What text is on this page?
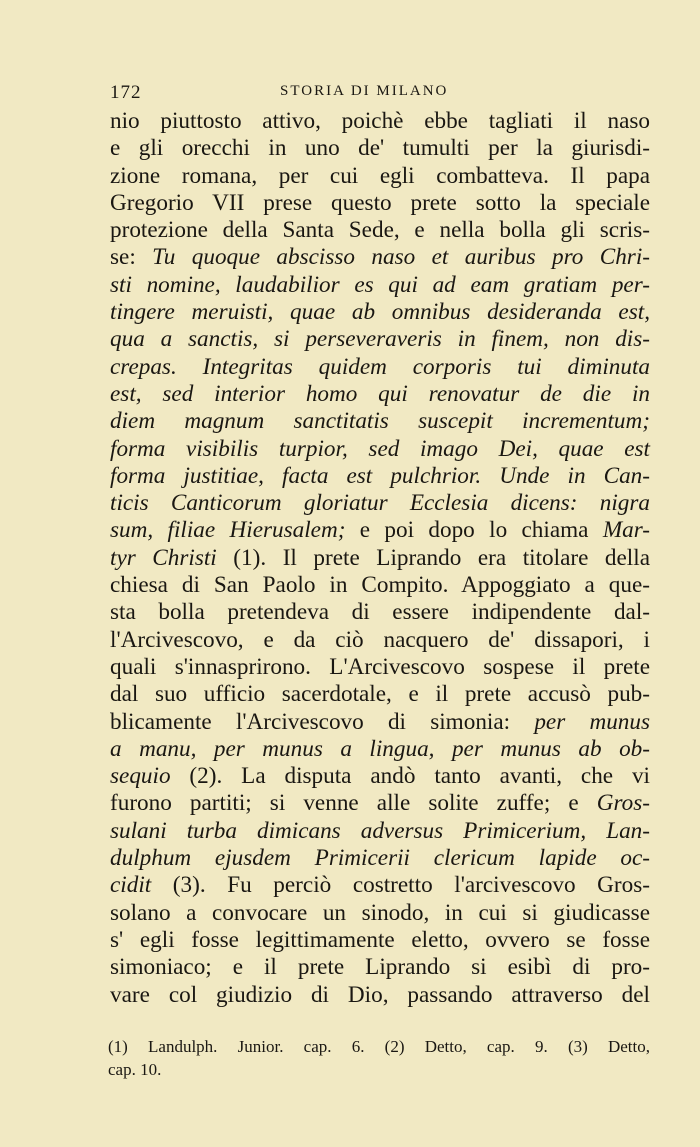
172	STORIA DI MILANO
nio piuttosto attivo, poichè ebbe tagliati il naso
e gli orecchi in uno de' tumulti per la giurisdi-
zione romana, per cui egli combatteva. Il papa
Gregorio VII prese questo prete sotto la speciale
protezione della Santa Sede, e nella bolla gli scris-
se: Tu quoque abscisso naso et auribus pro Chri-
sti nomine, laudabilior es qui ad eam gratiam per-
tingere meruisti, quae ab omnibus desideranda est,
qua a sanctis, si perseveraveris in finem, non dis-
crepas. Integritas quidem corporis tui diminuta
est, sed interior homo qui renovatur de die in
diem magnum sanctitatis suscepit incrementum;
forma visibilis turpior, sed imago Dei, quae est
forma justitiae, facta est pulchrior. Unde in Can-
ticis Canticorum gloriatur Ecclesia dicens: nigra
sum, filiae Hierusalem; e poi dopo lo chiama Mar-
tyr Christi (1). Il prete Liprando era titolare della
chiesa di San Paolo in Compito. Appoggiato a que-
sta bolla pretendeva di essere indipendente dal-
l'Arcivescovo, e da ciò nacquero de' dissapori, i
quali s'innasprirono. L'Arcivescovo sospese il prete
dal suo ufficio sacerdotale, e il prete accusò pub-
blicamente l'Arcivescovo di simonia: per munus
a manu, per munus a lingua, per munus ab ob-
sequio (2). La disputa andò tanto avanti, che vi
furono partiti; si venne alle solite zuffe; e Gros-
sulani turba dimicans adversus Primicerium, Lan-
dulphum ejusdem Primicerii clericum lapide oc-
cidit (3). Fu perciò costretto l'arcivescovo Gros-
solano a convocare un sinodo, in cui si giudicasse
s' egli fosse legittimamente eletto, ovvero se fosse
simoniaco; e il prete Liprando si esibì di pro-
vare col giudizio di Dio, passando attraverso del
(1) Landulph. Junior. cap. 6. (2) Detto, cap. 9. (3) Detto,
cap. 10.
